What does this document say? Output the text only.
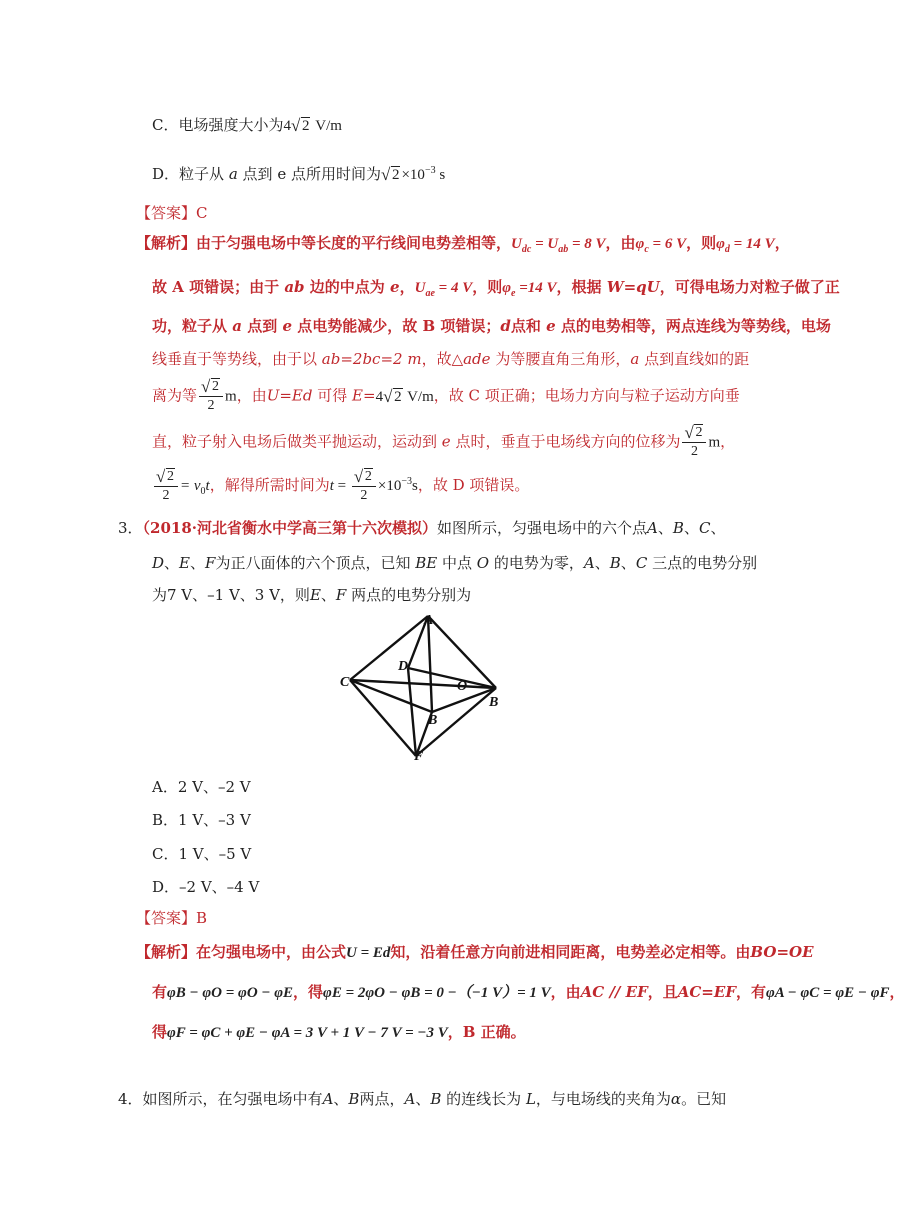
C．电场强度大小为4 √ 2 V/m
D．粒子从 a 点到 e 点所用时间为 √ $2 \times 10^{-3}$ s
【答案】C
【解析】由于匀强电场中等长度的平行线间电势差相等，$U_{dc} = U_{ab} = 8$ V，由$\varphi_c = 6$ V，则$\varphi_d = 14$ V，
故 A 项错误；由于 ab 边的中点为 e，$U_{ae} = 4$ V，则$\varphi_e =14$ V，根据 W=qU，可得电场力对粒子做了正
功，粒子从 a 点到 e 点电势能减少，故 B 项错误；d点和 e 点的电势相等，两点连线为等势线，电场
线垂直于等势线，由于以 ab=2bc=2 m，故△ade 为等腰直角三角形，a 点到直线如的距
离为等 √ $\frac{2}{2}$ m，由U=Ed 可得 E=4 √ 2 V/m，故 C 项正确；电场力方向与粒子运动方向垂
直，粒子射入电场后做类平抛运动，运动到 e 点时，垂直于电场线方向的位移为 √ $\frac{2}{2}$ m，
√ $\frac{2}{2} = v_0t$，解得所需时间为t = √ $\frac{2}{2} \times 10^{-3}s$，故 D 项错误。
3．（2018·河北省衡水中学高三第十六次模拟）如图所示，匀强电场中的六个点A、B、C、
D、E、F为正八面体的六个顶点，已知 BE 中点 O 的电势为零，A、B、C 三点的电势分别
为7 V、–1 V、3 V，则E、F 两点的电势分别为
A
C
D
O
B
B
F
A．2 V、–2 V
B．1 V、–3 V
C．1 V、–5 V
D．–2 V、–4 V
【答案】B
【解析】在匀强电场中，由公式U = Ed知，沿着任意方向前进相同距离，电势差必定相等。由BO=OE
有φB − φO = φO − φE，得φE = 2φO − φB = 0 −（−1 V）= 1 V，由AC // EF，且AC=EF，有φA − φC = φE − φF，
得φF = φC + φE − φA = 3 V + 1 V − 7 V = −3 V，B 正确。
4．如图所示，在匀强电场中有A、B两点，A、B 的连线长为 L，与电场线的夹角为α。已知
